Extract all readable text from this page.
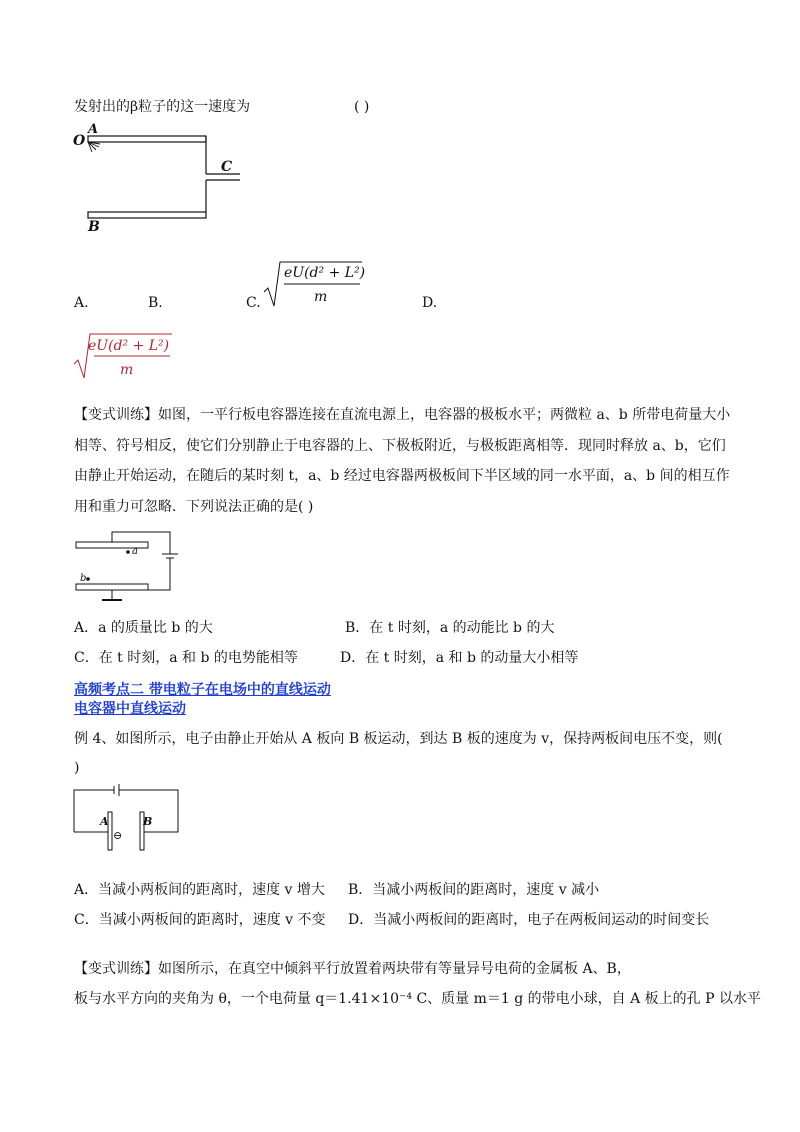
发射出的β粒子的这一速度为	( )
O
A
C
B
A.	B.	C.	D.
eU(d² + L²)
m
eU(d² + L²)
m
【变式训练】如图，一平行板电容器连接在直流电源上，电容器的极板水平；两微粒 a、b 所带电荷量大小
相等、符号相反，使它们分别静止于电容器的上、下极板附近，与极板距离相等．现同时释放 a、b，它们
由静止开始运动，在随后的某时刻 t，a、b 经过电容器两极板间下半区域的同一水平面，a、b 间的相互作
用和重力可忽略．下列说法正确的是( )
a
b
A．a 的质量比 b 的大	B．在 t 时刻，a 的动能比 b 的大
C．在 t 时刻，a 和 b 的电势能相等	D．在 t 时刻，a 和 b 的动量大小相等
高频考点二 带电粒子在电场中的直线运动
电容器中直线运动
例 4、如图所示，电子由静止开始从 A 板向 B 板运动，到达 B 板的速度为 v，保持两板间电压不变，则(
)
A	B
⊖
A．当减小两板间的距离时，速度 v 增大 B．当减小两板间的距离时，速度 v 减小
C．当减小两板间的距离时，速度 v 不变 D．当减小两板间的距离时，电子在两板间运动的时间变长
【变式训练】如图所示，在真空中倾斜平行放置着两块带有等量异号电荷的金属板 A、B，
板与水平方向的夹角为 θ，一个电荷量 q＝1.41×10⁻⁴ C、质量 m＝1 g 的带电小球，自 A 板上的孔 P 以水平
